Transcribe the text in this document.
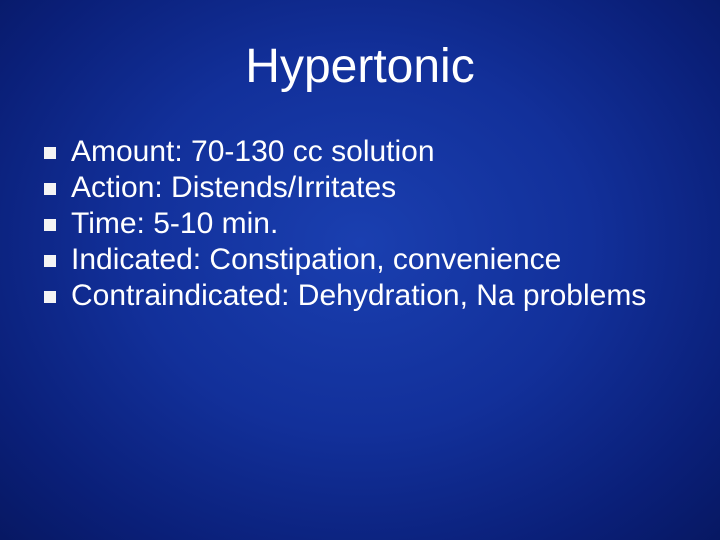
Hypertonic
Amount: 70-130 cc solution
Action: Distends/Irritates
Time: 5-10 min.
Indicated: Constipation, convenience
Contraindicated: Dehydration, Na problems
